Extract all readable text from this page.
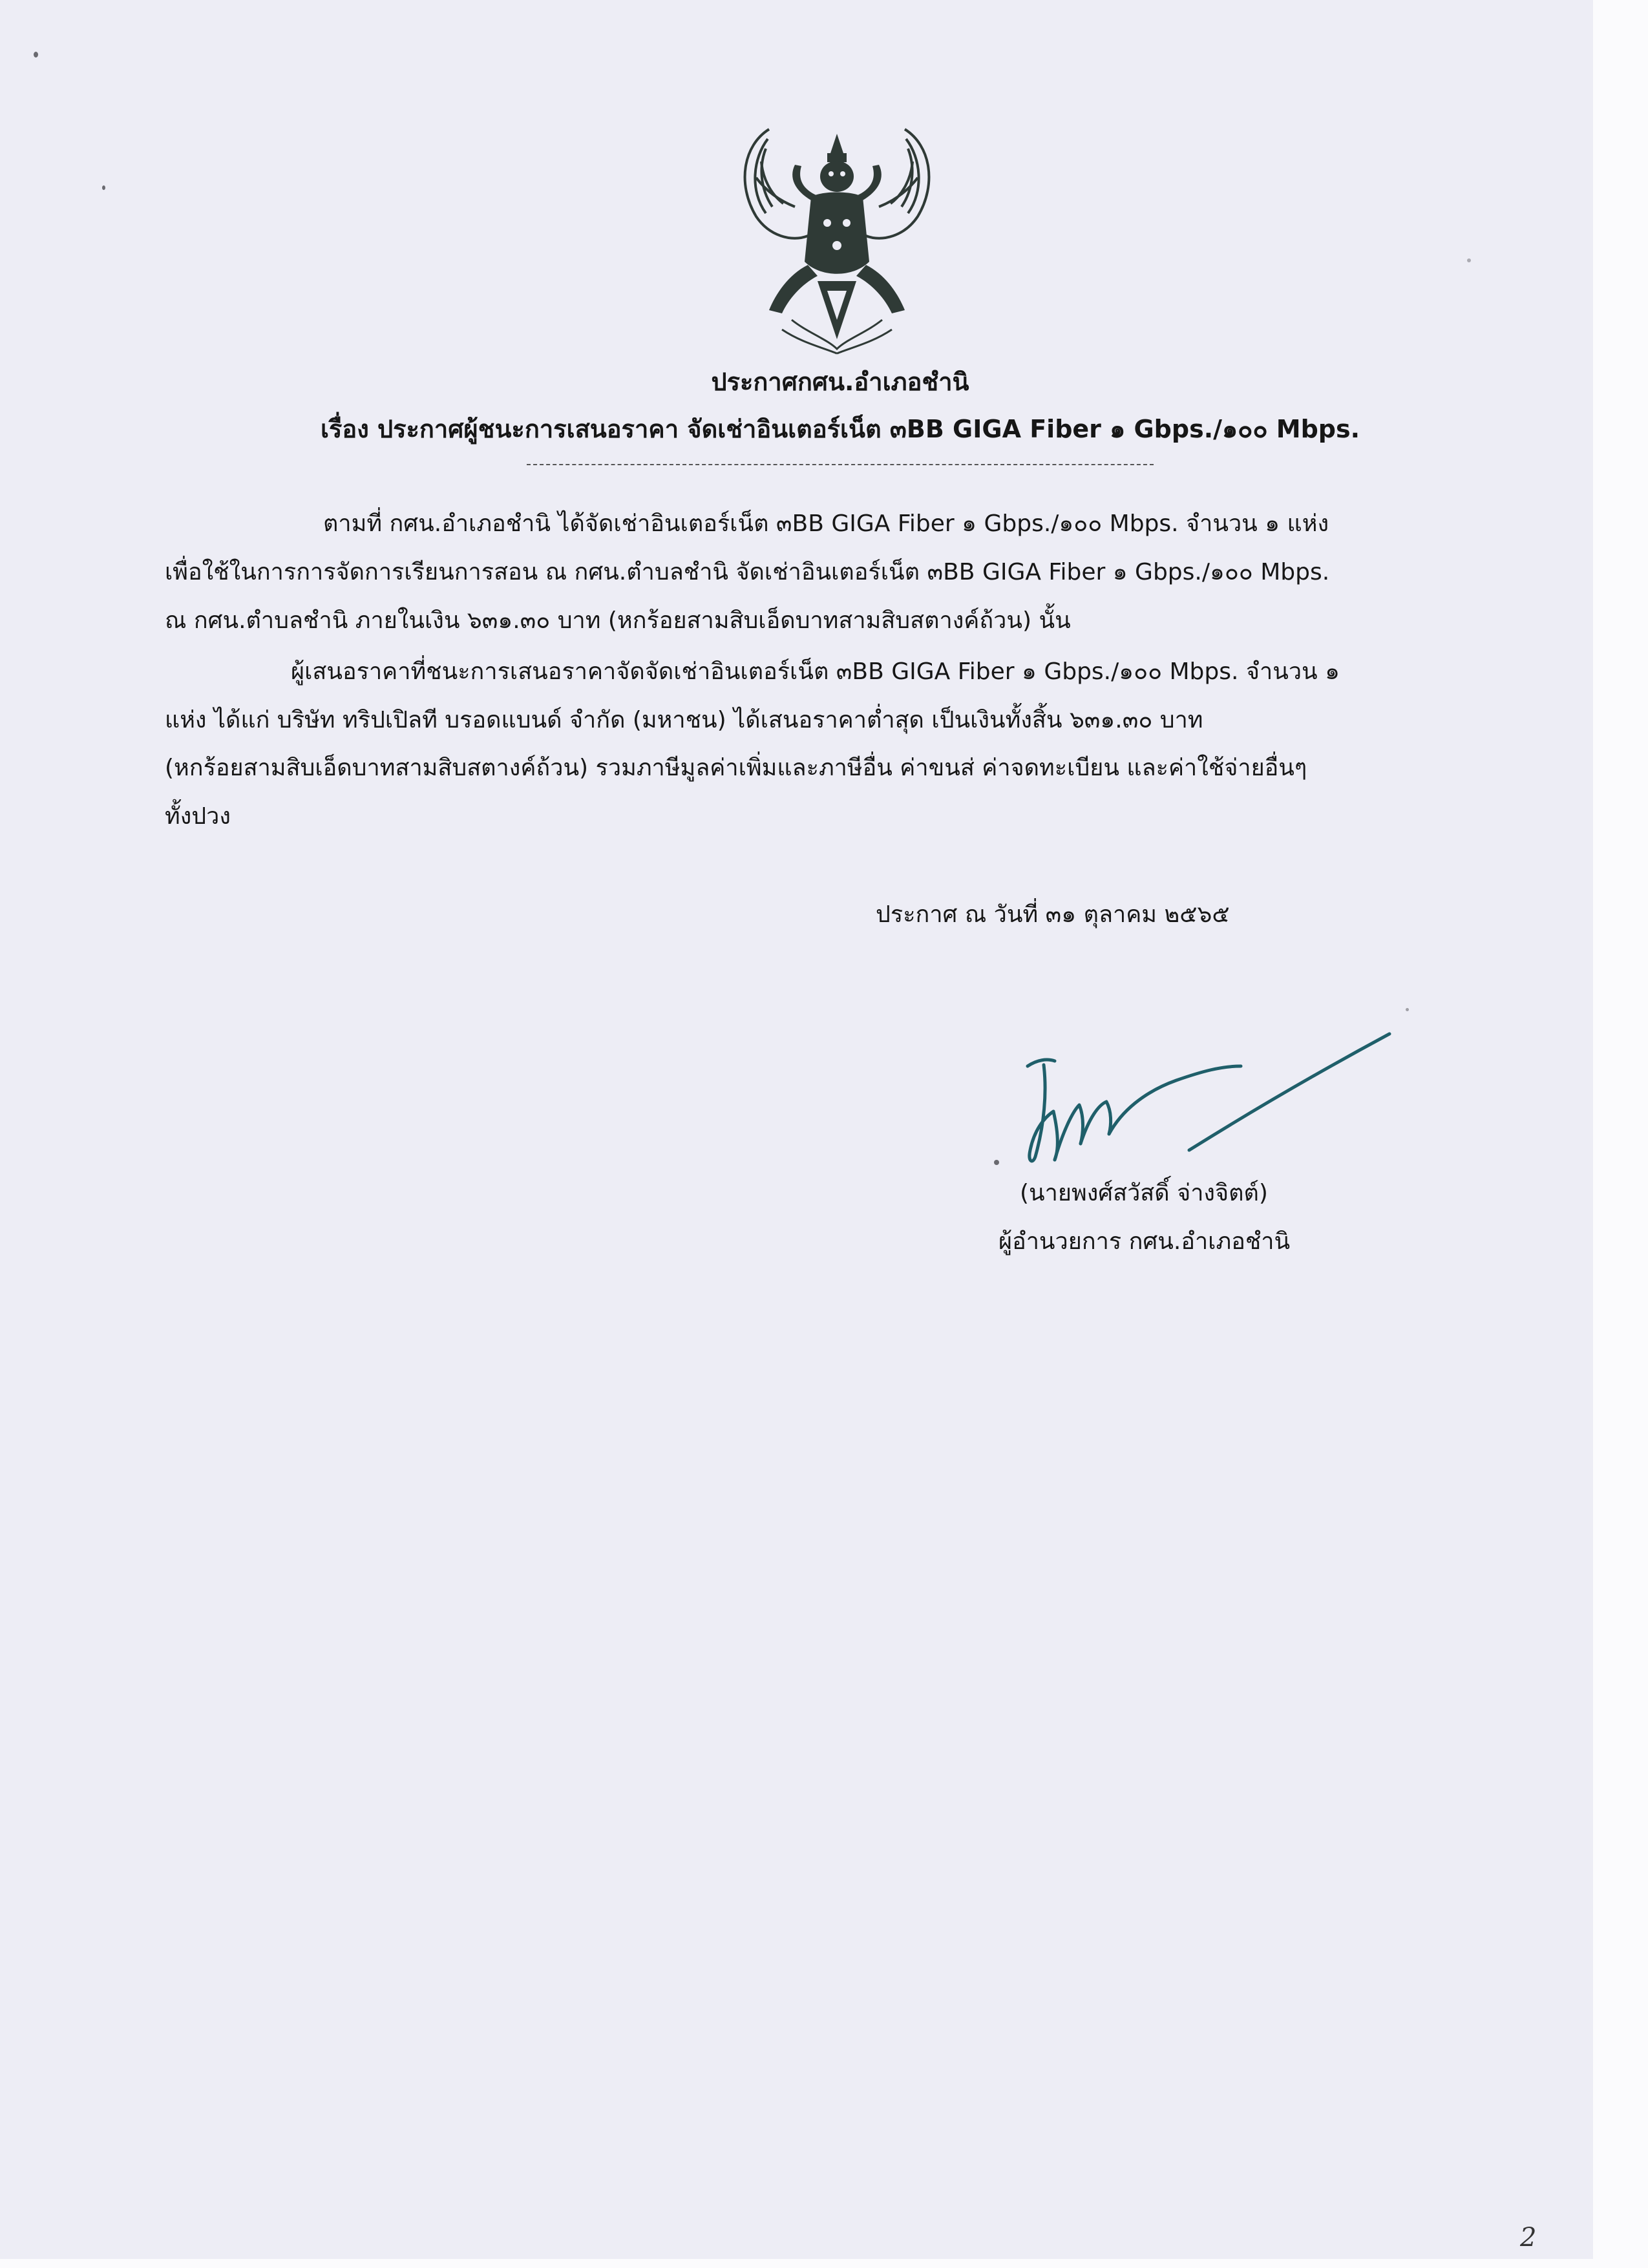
ประกาศกศน.อำเภอชำนิ
เรื่อง ประกาศผู้ชนะการเสนอราคา จัดเช่าอินเตอร์เน็ต ๓BB GIGA Fiber ๑ Gbps./๑๐๐ Mbps.
ตามที่ กศน.อำเภอชำนิ ได้จัดเช่าอินเตอร์เน็ต ๓BB GIGA Fiber ๑ Gbps./๑๐๐ Mbps. จำนวน ๑ แห่ง
เพื่อใช้ในการการจัดการเรียนการสอน ณ กศน.ตำบลชำนิ จัดเช่าอินเตอร์เน็ต ๓BB GIGA Fiber ๑ Gbps./๑๐๐ Mbps.
ณ กศน.ตำบลชำนิ ภายในเงิน ๖๓๑.๓๐ บาท (หกร้อยสามสิบเอ็ดบาทสามสิบสตางค์ถ้วน) นั้น
ผู้เสนอราคาที่ชนะการเสนอราคาจัดจัดเช่าอินเตอร์เน็ต ๓BB GIGA Fiber ๑ Gbps./๑๐๐ Mbps. จำนวน ๑
แห่ง ได้แก่ บริษัท ทริปเปิลที บรอดแบนด์ จำกัด (มหาชน) ได้เสนอราคาต่ำสุด เป็นเงินทั้งสิ้น ๖๓๑.๓๐ บาท
(หกร้อยสามสิบเอ็ดบาทสามสิบสตางค์ถ้วน) รวมภาษีมูลค่าเพิ่มและภาษีอื่น ค่าขนส่ ค่าจดทะเบียน และค่าใช้จ่ายอื่นๆ
ทั้งปวง
ประกาศ ณ วันที่ ๓๑ ตุลาคม ๒๕๖๕
(นายพงศ์สวัสดิ์ จ่างจิตต์)
ผู้อำนวยการ กศน.อำเภอชำนิ
2
